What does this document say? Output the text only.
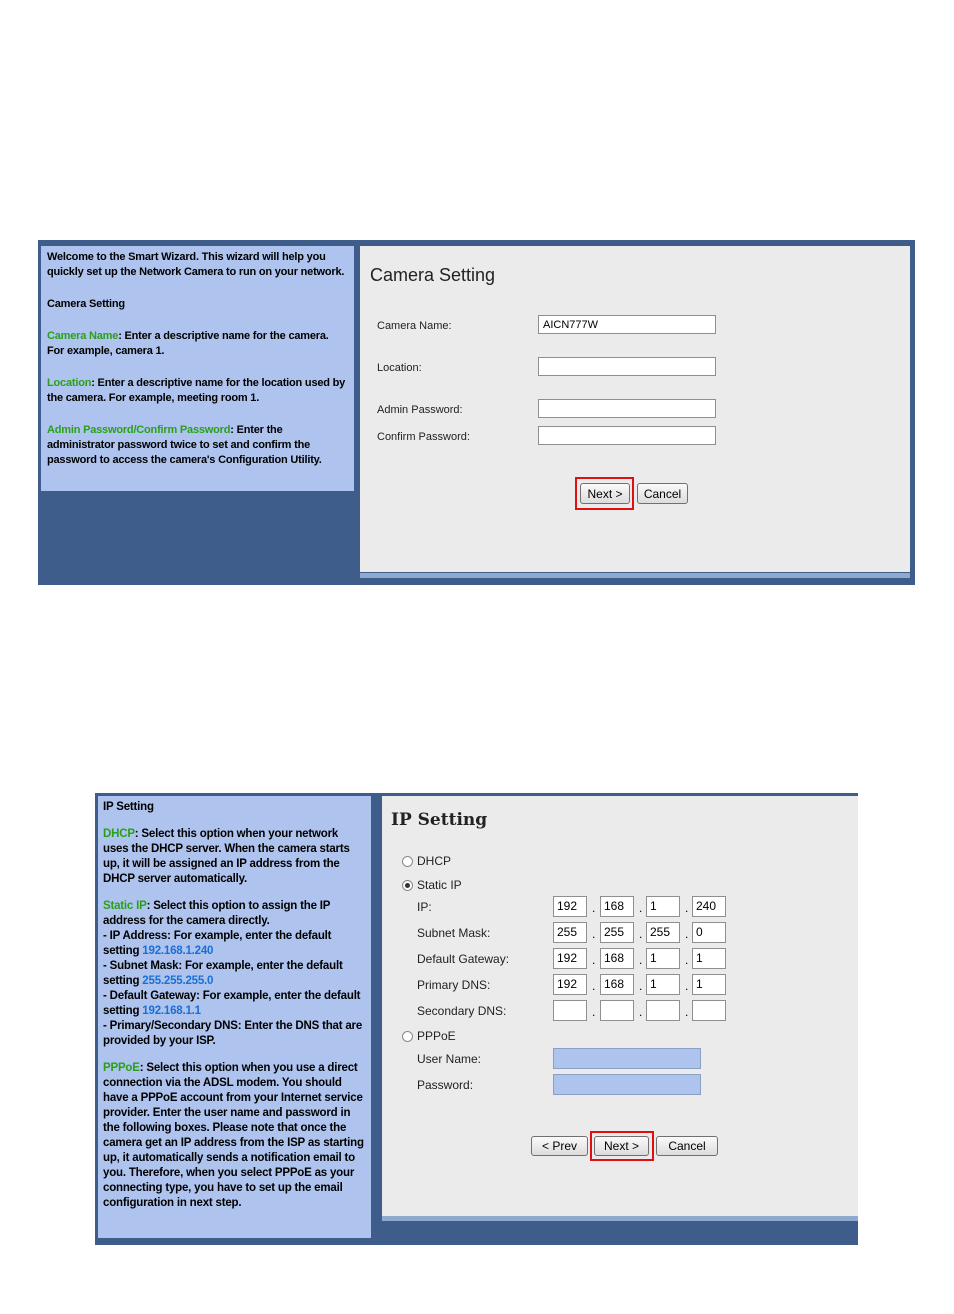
Welcome to the Smart Wizard. This wizard will help you quickly set up the Network Camera to run on your network.

Camera Setting

Camera Name: Enter a descriptive name for the camera. For example, camera 1.

Location: Enter a descriptive name for the location used by the camera. For example, meeting room 1.

Admin Password/Confirm Password: Enter the administrator password twice to set and confirm the password to access the camera's Configuration Utility.

Camera Setting
Camera Name:
AICN777W
Location:
Admin Password:
Confirm Password:
Next >	Cancel

IP Setting

DHCP: Select this option when your network uses the DHCP server. When the camera starts up, it will be assigned an IP address from the DHCP server automatically.

Static IP: Select this option to assign the IP address for the camera directly.
- IP Address: For example, enter the default setting 192.168.1.240
- Subnet Mask: For example, enter the default setting 255.255.255.0
- Default Gateway: For example, enter the default setting 192.168.1.1
- Primary/Secondary DNS: Enter the DNS that are provided by your ISP.

PPPoE: Select this option when you use a direct connection via the ADSL modem. You should have a PPPoE account from your Internet service provider. Enter the user name and password in the following boxes. Please note that once the camera get an IP address from the ISP as starting up, it automatically sends a notification email to you. Therefore, when you select PPPoE as your connecting type, you have to set up the email configuration in next step.

IP Setting
DHCP
Static IP
IP:	192	. 168	. 1	. 240
Subnet Mask:	255	. 255	. 255	. 0
Default Gateway:	192	. 168	. 1	. 1
Primary DNS:	192	. 168	. 1	. 1
Secondary DNS:	.	.	.
PPPoE
User Name:
Password:
< Prev	Next >	Cancel
